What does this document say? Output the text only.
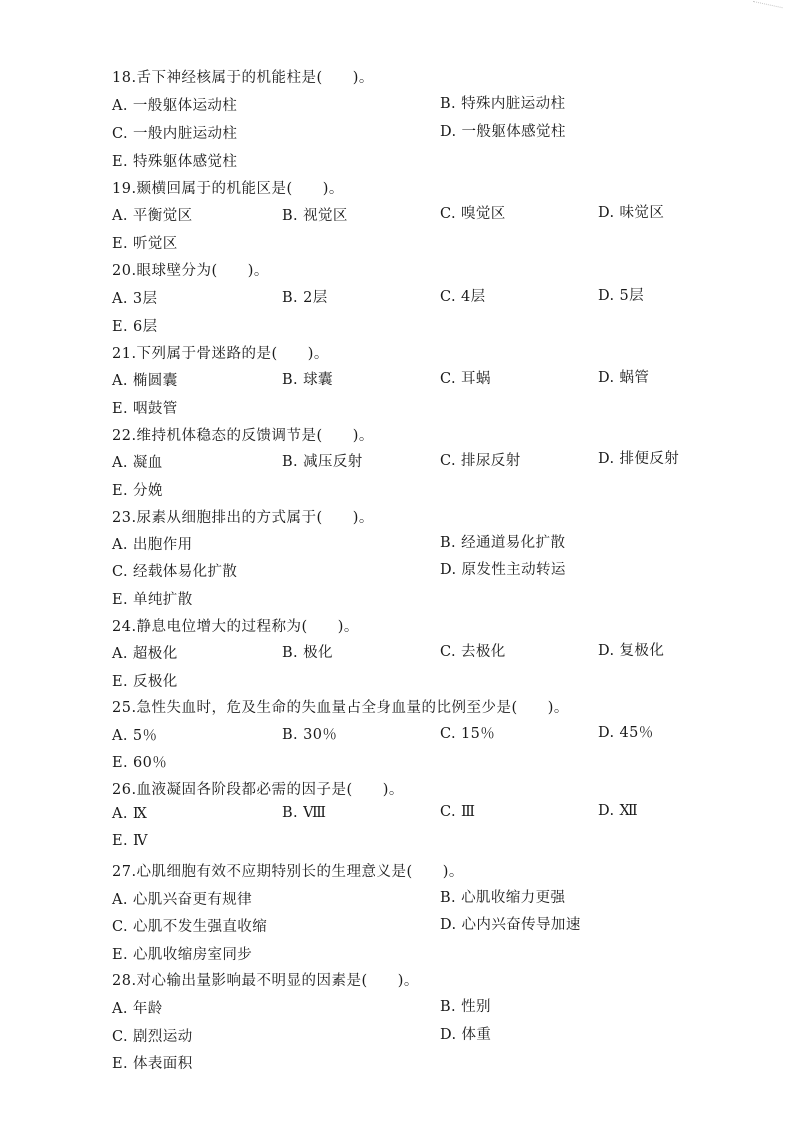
18.舌下神经核属于的机能柱是(　　)。
A. 一般躯体运动柱	B. 特殊内脏运动柱
C. 一般内脏运动柱	D. 一般躯体感觉柱
E. 特殊躯体感觉柱
19.颞横回属于的机能区是(　　)。
A. 平衡觉区	B. 视觉区	C. 嗅觉区	D. 味觉区
E. 听觉区
20.眼球壁分为(　　)。
A. 3层	B. 2层	C. 4层	D. 5层
E. 6层
21.下列属于骨迷路的是(　　)。
A. 椭圆囊	B. 球囊	C. 耳蜗	D. 蜗管
E. 咽鼓管
22.维持机体稳态的反馈调节是(　　)。
A. 凝血	B. 减压反射	C. 排尿反射	D. 排便反射
E. 分娩
23.尿素从细胞排出的方式属于(　　)。
A. 出胞作用	B. 经通道易化扩散
C. 经载体易化扩散	D. 原发性主动转运
E. 单纯扩散
24.静息电位增大的过程称为(　　)。
A. 超极化	B. 极化	C. 去极化	D. 复极化
E. 反极化
25.急性失血时，危及生命的失血量占全身血量的比例至少是(　　)。
A. 5％	B. 30％	C. 15％	D. 45％
E. 60％
26.血液凝固各阶段都必需的因子是(　　)。
A. Ⅸ	B. Ⅷ	C. Ⅲ	D. Ⅻ
E. Ⅳ
27.心肌细胞有效不应期特别长的生理意义是(　　)。
A. 心肌兴奋更有规律	B. 心肌收缩力更强
C. 心肌不发生强直收缩	D. 心内兴奋传导加速
E. 心肌收缩房室同步
28.对心输出量影响最不明显的因素是(　　)。
A. 年龄	B. 性别
C. 剧烈运动	D. 体重
E. 体表面积
